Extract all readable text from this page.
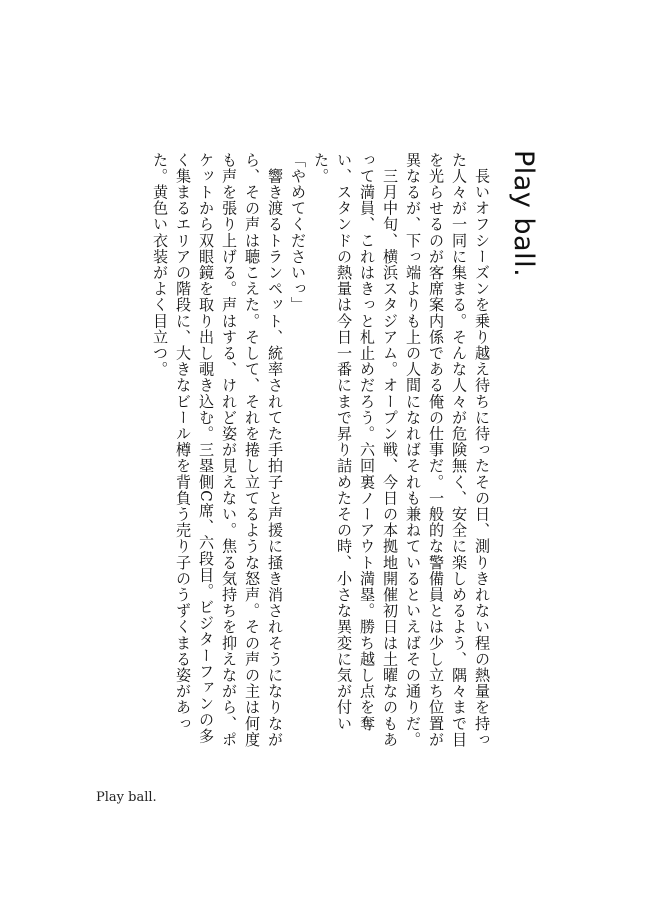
Play ball.

　長いオフシーズンを乗り越え待ちに待ったその日、測りきれない程の熱量を持った人々が一同に集まる。そんな人々が危険無く、安全に楽しめるよう、隅々まで目を光らせるのが客席案内係である俺の仕事だ。一般的な警備員とは少し立ち位置が異なるが、下っ端よりも上の人間になればそれも兼ねているといえばその通りだ。

　三月中旬、横浜スタジアム。オープン戦、今日の本拠地開催初日は土曜なのもあって満員、これはきっと札止めだろう。六回裏ノーアウト満塁。勝ち越し点を奪い、スタンドの熱量は今日一番にまで昇り詰めたその時、小さな異変に気が付いた。

「やめてくださいっ」

　響き渡るトランペット、統率されてた手拍子と声援に掻き消されそうになりながら、その声は聴こえた。そして、それを捲し立てるような怒声。その声の主は何度も声を張り上げる。声はする、けれど姿が見えない。焦る気持ちを抑えながら、ポケットから双眼鏡を取り出し覗き込む。三塁側C席、六段目。ビジターファンの多く集まるエリアの階段に、大きなビール樽を背負う売り子のうずくまる姿があった。黄色い衣装がよく目立つ。

Play ball.
